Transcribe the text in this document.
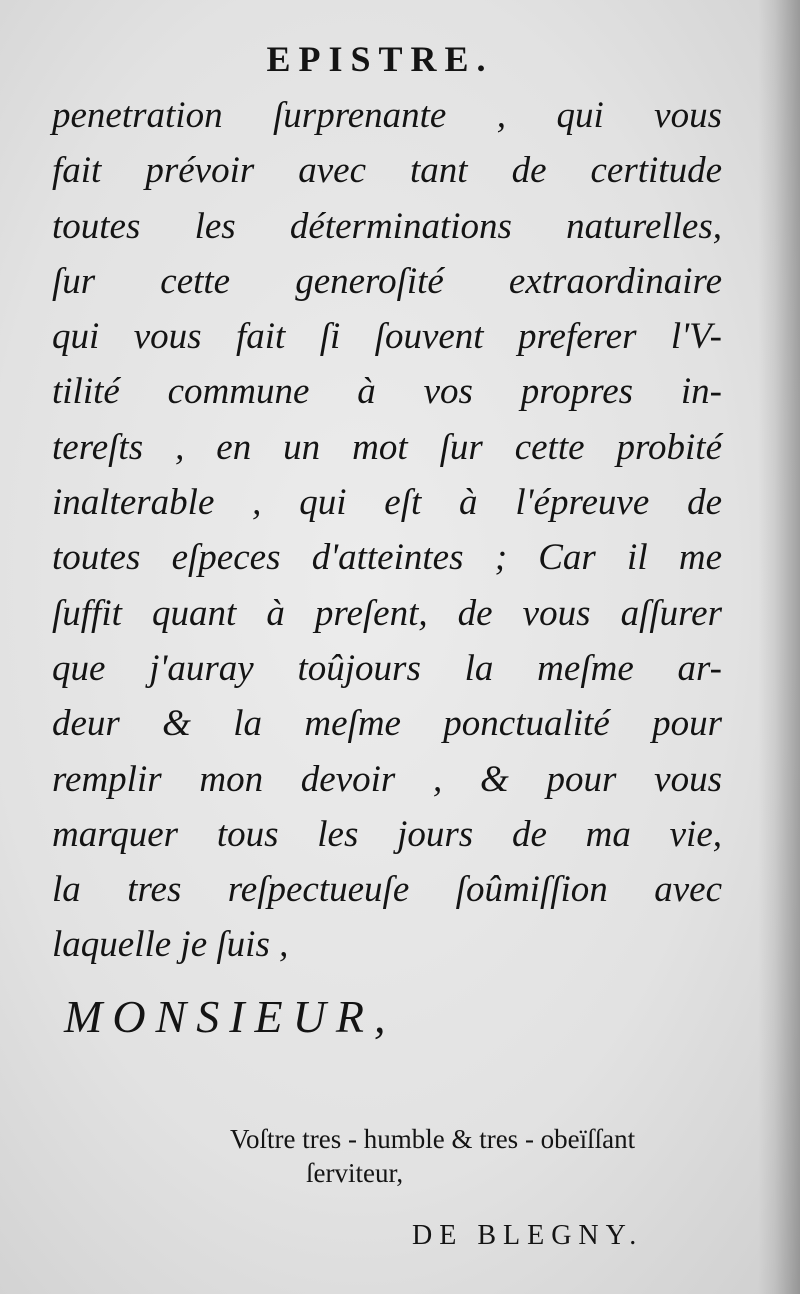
EPISTRE.
penetration ſurprenante , qui vous
fait prévoir avec tant de certitude
toutes les déterminations naturelles,
ſur cette generoſité extraordinaire
qui vous fait ſi ſouvent preferer l'V-
tilité commune à vos propres in-
tereſts , en un mot ſur cette probité
inalterable , qui eſt à l'épreuve de
toutes eſpeces d'atteintes ; Car il me
ſuffit quant à preſent, de vous aſſurer
que j'auray toûjours la meſme ar-
deur & la meſme ponctualité pour
remplir mon devoir , & pour vous
marquer tous les jours de ma vie,
la tres reſpectueuſe ſoûmiſſion avec
laquelle je ſuis ,

MONSIEUR,

Voſtre tres - humble & tres - obeïſſant
ſerviteur,

DE BLEGNY.
